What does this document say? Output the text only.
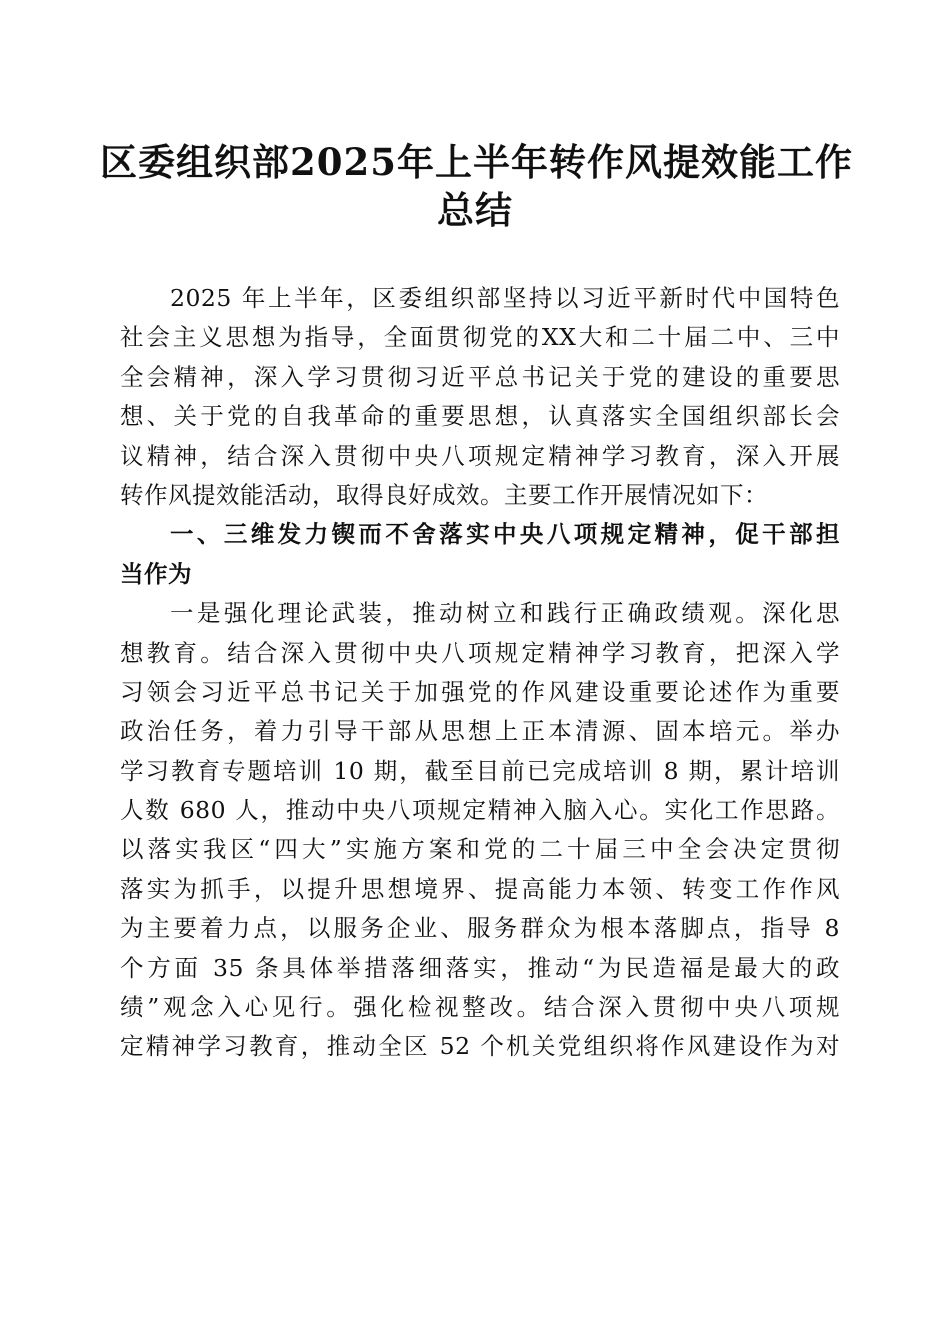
区委组织部2025年上半年转作风提效能工作
总结
2025 年上半年，区委组织部坚持以习近平新时代中国特色
社会主义思想为指导，全面贯彻党的XX大和二十届二中、三中
全会精神，深入学习贯彻习近平总书记关于党的建设的重要思
想、关于党的自我革命的重要思想，认真落实全国组织部长会
议精神，结合深入贯彻中央八项规定精神学习教育，深入开展
转作风提效能活动，取得良好成效。主要工作开展情况如下：
一、三维发力锲而不舍落实中央八项规定精神，促干部担
当作为
一是强化理论武装，推动树立和践行正确政绩观。深化思
想教育。结合深入贯彻中央八项规定精神学习教育，把深入学
习领会习近平总书记关于加强党的作风建设重要论述作为重要
政治任务，着力引导干部从思想上正本清源、固本培元。举办
学习教育专题培训 10 期，截至目前已完成培训 8 期，累计培训
人数 680 人，推动中央八项规定精神入脑入心。实化工作思路。
以落实我区“四大”实施方案和党的二十届三中全会决定贯彻
落实为抓手，以提升思想境界、提高能力本领、转变工作作风
为主要着力点，以服务企业、服务群众为根本落脚点，指导 8
个方面 35 条具体举措落细落实，推动“为民造福是最大的政
绩”观念入心见行。强化检视整改。结合深入贯彻中央八项规
定精神学习教育，推动全区 52 个机关党组织将作风建设作为对
